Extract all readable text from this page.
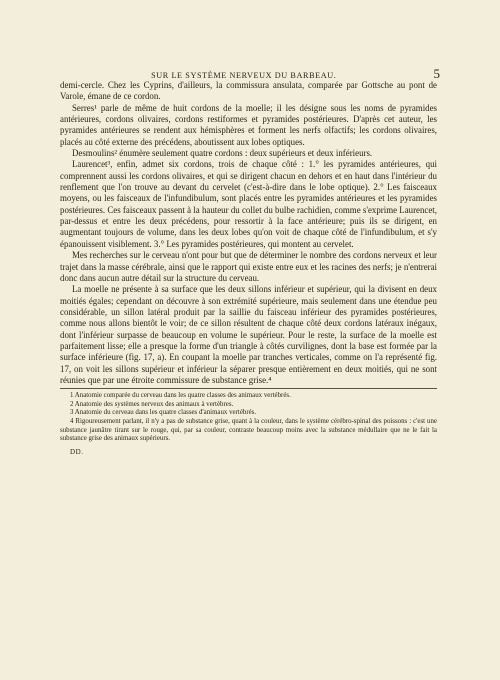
SUR LE SYSTÈME NERVEUX DU BARBEAU.	5

demi-cercle. Chez les Cyprins, d'ailleurs, la commissura ansulata, comparée par Gottsche au pont de Varole, émane de ce cordon.

Serres¹ parle de même de huit cordons de la moelle; il les désigne sous les noms de pyramides antérieures, cordons olivaires, cordons restiformes et pyramides postérieures. D'après cet auteur, les pyramides antérieures se rendent aux hémisphères et forment les nerfs olfactifs; les cordons olivaires, placés au côté externe des précédens, aboutissent aux lobes optiques.

Desmoulins² énumère seulement quatre cordons : deux supérieurs et deux inférieurs.

Laurencet³, enfin, admet six cordons, trois de chaque côté : 1.° les pyramides antérieures, qui comprennent aussi les cordons olivaires, et qui se dirigent chacun en dehors et en haut dans l'intérieur du renflement que l'on trouve au devant du cervelet (c'est-à-dire dans le lobe optique). 2.° Les faisceaux moyens, ou les faisceaux de l'infundibulum, sont placés entre les pyramides antérieures et les pyramides postérieures. Ces faisceaux passent à la hauteur du collet du bulbe rachidien, comme s'exprime Laurencet, par-dessus et entre les deux précédens, pour ressortir à la face antérieure; puis ils se dirigent, en augmentant toujours de volume, dans les deux lobes qu'on voit de chaque côté de l'infundibulum, et s'y épanouissent visiblement. 3.° Les pyramides postérieures, qui montent au cervelet.

Mes recherches sur le cerveau n'ont pour but que de déterminer le nombre des cordons nerveux et leur trajet dans la masse cérébrale, ainsi que le rapport qui existe entre eux et les racines des nerfs; je n'entrerai donc dans aucun autre détail sur la structure du cerveau.

La moelle ne présente à sa surface que les deux sillons inférieur et supérieur, qui la divisent en deux moitiés égales; cependant on découvre à son extrémité supérieure, mais seulement dans une étendue peu considérable, un sillon latéral produit par la saillie du faisceau inférieur des pyramides postérieures, comme nous allons bientôt le voir; de ce sillon résultent de chaque côté deux cordons latéraux inégaux, dont l'inférieur surpasse de beaucoup en volume le supérieur. Pour le reste, la surface de la moelle est parfaitement lisse; elle a presque la forme d'un triangle à côtés curvilignes, dont la base est formée par la surface inférieure (fig. 17, a). En coupant la moelle par tranches verticales, comme on l'a représenté fig. 17, on voit les sillons supérieur et inférieur la séparer presque entièrement en deux moitiés, qui ne sont réunies que par une étroite commissure de substance grise.⁴

1 Anatomie comparée du cerveau dans les quatre classes des animaux vertébrés.

2 Anatomie des systèmes nerveux des animaux à vertèbres.

3 Anatomie du cerveau dans les quatre classes d'animaux vertébrés.

4 Rigoureusement parlant, il n'y a pas de substance grise, quant à la couleur, dans le système cérébro-spinal des poissons : c'est une substance jaunâtre tirant sur le rouge, qui, par sa couleur, contraste beaucoup moins avec la substance médullaire que ne le fait la substance grise des animaux supérieurs.

DD.
